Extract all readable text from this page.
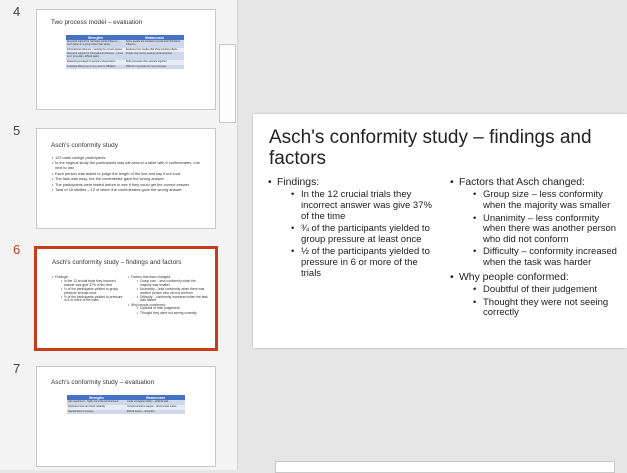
4
Two process model – evaluation
Strengths	Weaknesses
Research support for normative social influence – Asch (when in a group rather than alone)	Some people are resistant to social and informative influence
Informational influence – seeking the correct answer	Evidence from studies that show contrary effects
Research support for informational influence – Lucas et al. (uncertain, difficult tasks)	People may not be seeking social approval
Reasoning is based on people's interpretation	Both processes often operate together
Individual differences in the need for affiliation	Difficult to separate the two processes
5
Asch's conformity study
• 123 male college participants
• In the original study the participants was sat around a table with 6 confederates, one next to last
• Each person was asked to judge the length of the line and say it out loud
• The task was easy, but the confederate gave the wrong answer
• The participants were tested before to see if they could get the correct answer
• Total of 18 studies – 12 of which the confederates gave the wrong answer
6
Asch's conformity study – findings and factors
• Findings:
• In the 12 crucial trials they incorrect answer was give 37% of the time
• ¾ of the participants yielded to group pressure at least once
• ½ of the participants yielded to pressure in 6 or more of the trials
• Factors that Asch changed:
• Group size – less conformity when the majority was smaller
• Unanimity – less conformity when there was another person who did not conform
• Difficulty – conformity increased when the task was harder
• Why people conformed:
• Doubtful of their judgement
• Thought they were not seeing correctly
7
Asch's conformity study – evaluation
Strengths	Weaknesses
Lab experiment – highly controlled environment	Lacks ecological validity – artificial task
Replicated and can check reliability	Unrepresentative sample – all American males
Standardised procedure	Ethical issues – deception
Asch's conformity study – findings and factors
• Findings:
• In the 12 crucial trials they incorrect answer was give 37% of the time
• ¾ of the participants yielded to group pressure at least once
• ½ of the participants yielded to pressure in 6 or more of the trials
• Factors that Asch changed:
• Group size – less conformity when the majority was smaller
• Unanimity – less conformity when there was another person who did not conform
• Difficulty – conformity increased when the task was harder
• Why people conformed:
• Doubtful of their judgement
• Thought they were not seeing correctly
